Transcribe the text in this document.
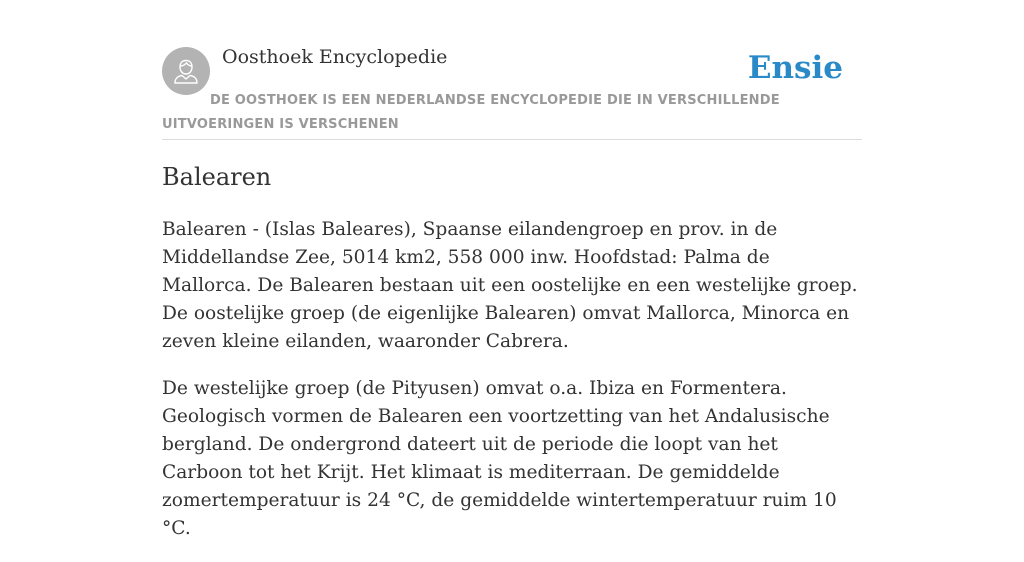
Oosthoek Encyclopedie	Ensie
DE OOSTHOEK IS EEN NEDERLANDSE ENCYCLOPEDIE DIE IN VERSCHILLENDE UITVOERINGEN IS VERSCHENEN
Balearen

Balearen - (Islas Baleares), Spaanse eilandengroep en prov. in de Middellandse Zee, 5014 km2, 558 000 inw. Hoofdstad: Palma de Mallorca. De Balearen bestaan uit een oostelijke en een westelijke groep. De oostelijke groep (de eigenlijke Balearen) omvat Mallorca, Minorca en zeven kleine eilanden, waaronder Cabrera.

De westelijke groep (de Pityusen) omvat o.a. Ibiza en Formentera. Geologisch vormen de Balearen een voortzetting van het Andalusische bergland. De ondergrond dateert uit de periode die loopt van het Carboon tot het Krijt. Het klimaat is mediterraan. De gemiddelde zomertemperatuur is 24 °C, de gemiddelde wintertemperatuur ruim 10 °C.
